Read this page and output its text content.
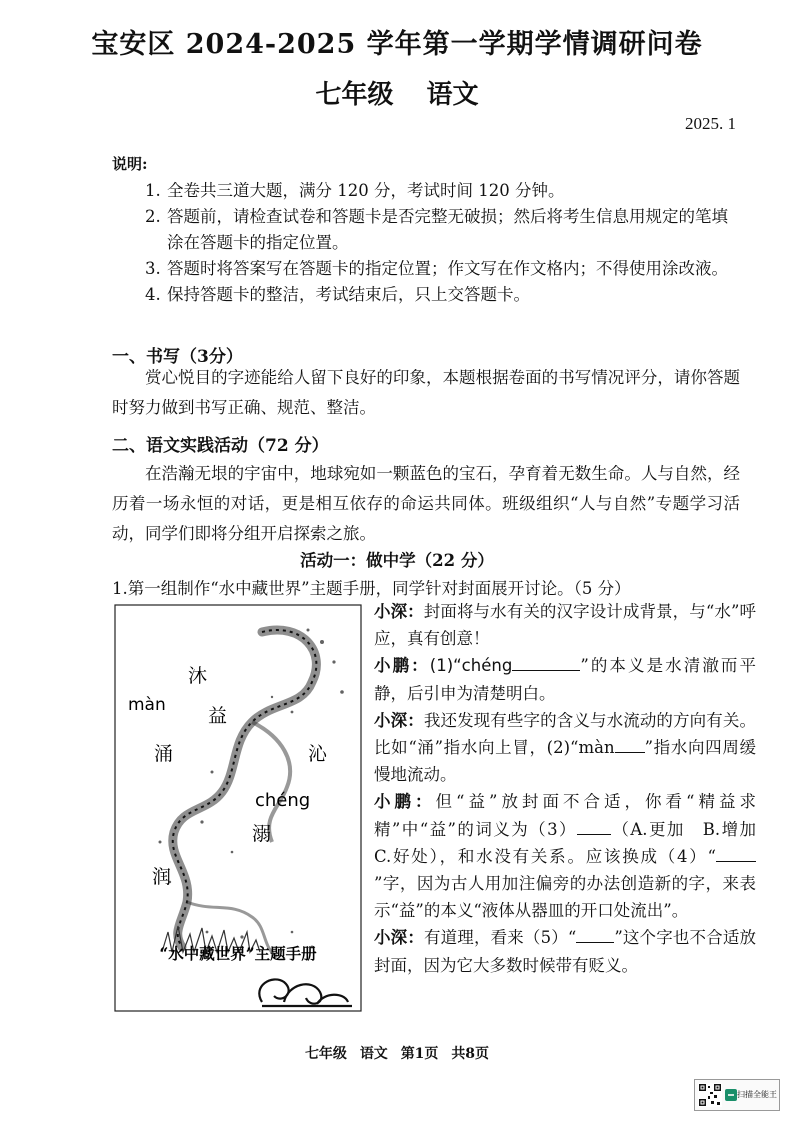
宝安区 2024-2025 学年第一学期学情调研问卷
七年级 语文
2025. 1
说明:
1. 全卷共三道大题，满分 120 分，考试时间 120 分钟。
2. 答题前，请检查试卷和答题卡是否完整无破损；然后将考生信息用规定的笔填涂在答题卡的指定位置。
3. 答题时将答案写在答题卡的指定位置；作文写在作文格内；不得使用涂改液。
4. 保持答题卡的整洁，考试结束后，只上交答题卡。
一、书写（3分）
赏心悦目的字迹能给人留下良好的印象，本题根据卷面的书写情况评分，请你答题时努力做到书写正确、规范、整洁。
二、语文实践活动（72 分）
在浩瀚无垠的宇宙中，地球宛如一颗蓝色的宝石，孕育着无数生命。人与自然，经历着一场永恒的对话，更是相互依存的命运共同体。班级组织“人与自然”专题学习活动，同学们即将分组开启探索之旅。
活动一：做中学（22 分）
1.第一组制作“水中藏世界”主题手册，同学针对封面展开讨论。（5 分）
沐
màn 益
涌	沁
chéng
溺
润
“水中藏世界”主题手册

小深：封面将与水有关的汉字设计成背景，与“水”呼应，真有创意！

小鹏：(1)“chéng	”的本义是水清澈而平静，后引申为清楚明白。

小深：我还发现有些字的含义与水流动的方向有关。比如“涌”指水向上冒，(2)“màn ”指水向四周缓慢地流动。

小鹏：但“益”放封面不合适，你看“精益求精”中“益”的词义为（3） （A.更加　B.增加　C.好处），和水没有关系。应该换成（4）“”字，因为古人用加注偏旁的办法创造新的字，来表示“益”的本义“液体从器皿的开口处流出”。

小深：有道理，看来（5）“ ”这个字也不合适放封面，因为它大多数时候带有贬义。

七年级 语文 第1页 共8页
扫描全能王
